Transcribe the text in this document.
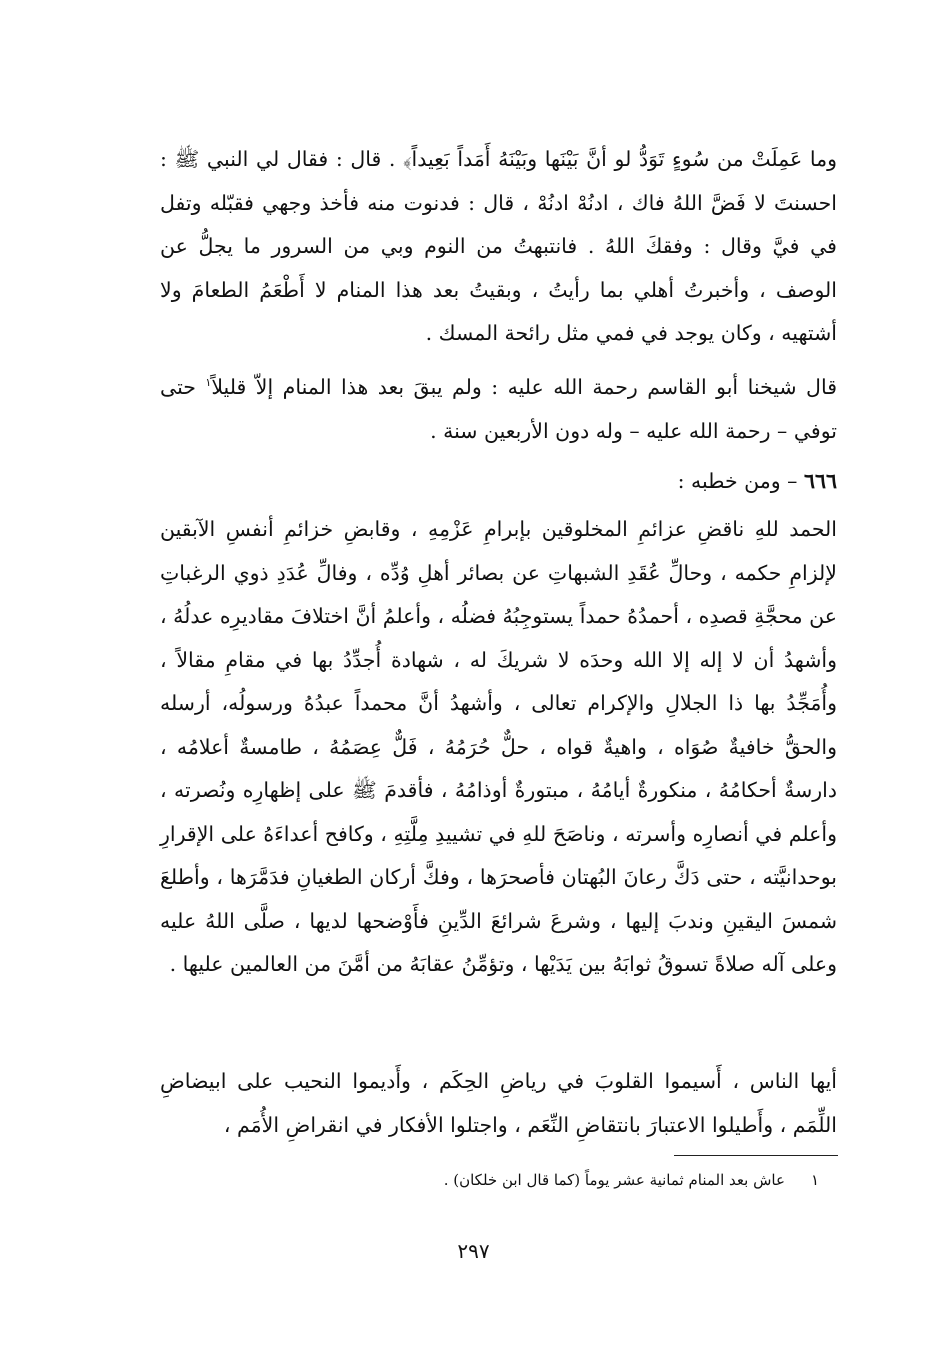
وما عَمِلَتْ من سُوءٍ تَوَدُّ لو أنَّ بَيْنَها وبَيْنَهُ أَمَداً بَعِيداً﴾ . قال : فقال لي النبي ﷺ : احسنتَ لا فَضَّ اللهُ فاك ، ادنُهْ ادنُهْ ، قال : فدنوت منه فأخذ وجهي فقبّله وتفل في فيَّ وقال : وفقكَ اللهُ . فانتبهتُ من النوم وبي من السرور ما يجلُّ عن الوصف ، وأخبرتُ أهلي بما رأيتُ ، وبقيتُ بعد هذا المنام لا أَطْعَمُ الطعامَ ولا أشتهيه ، وكان يوجد في فمي مثل رائحة المسك .
قال شيخنا أبو القاسم رحمة الله عليه : ولم يبقَ بعد هذا المنام إلاّ قليلاً$^١$ حتى توفي – رحمة الله عليه – وله دون الأربعين سنة .
٦٦٦ – ومن خطبه :
الحمد للهِ ناقضِ عزائمِ المخلوقين بإبرامِ عَزْمِهِ ، وقابضِ خزائمِ أنفسِ الآبقين لإلزامِ حكمه ، وحالِّ عُقَدِ الشبهاتِ عن بصائر أهلِ وُدِّه ، وفالِّ عُدَدِ ذوي الرغباتِ عن محجَّةِ قصدِه ، أحمدُهُ حمداً يستوجِبُهُ فضلُه ، وأعلمُ أنَّ اختلافَ مقاديرِه عدلُهُ ، وأشهدُ أن لا إله إلا الله وحدَه لا شريكَ له ، شهادة أُجدِّدُ بها في مقامِ مقالاً ، وأُمَجِّدُ بها ذا الجلالِ والإكرام تعالى ، وأشهدُ أنَّ محمداً عبدُهُ ورسولُه، أرسله والحقُّ خافيةٌ صُوَاه ، واهيةٌ قواه ، حلٌّ حُرَمُهُ ، فَلٌّ عِصَمُهُ ، طامسةٌ أعلامُه ، دارسةٌ أحكامُهُ ، منكورةٌ أيامُهُ ، مبتورةٌ أوذامُهُ ، فأقدمَ ﷺ على إظهارِه ونُصرته ، وأعلم في أنصارِه وأسرته ، وناصَحَ للهِ في تشييدِ مِلَّتِهِ ، وكافح أعداءَهُ على الإقرارِ بوحدانيَّته ، حتى دَكَّ رعانَ البُهتان فأصحرَها ، وفكَّ أركان الطغيانِ فدَمَّرَها ، وأطلعَ شمسَ اليقينِ وندبَ إليها ، وشرعَ شرائعَ الدِّينِ فأَوْضحها لديها ، صلَّى اللهُ عليه وعلى آله صلاةً تسوقُ ثوابَهُ بين يَدَيْها ، وتؤمِّنُ عقابَهُ من أمَّنَ من العالمين عليها .
أيها الناس ، أَسيموا القلوبَ في رياضِ الحِكَم ، وأَديموا النحيب على ابيضاضِ اللِّمَم ، وأَطيلوا الاعتبارَ بانتقاضِ النِّعَم ، واجتلوا الأفكار في انقراضِ الأُمَم ،
١عاش بعد المنام ثمانية عشر يوماً (كما قال ابن خلكان) .
٢٩٧
